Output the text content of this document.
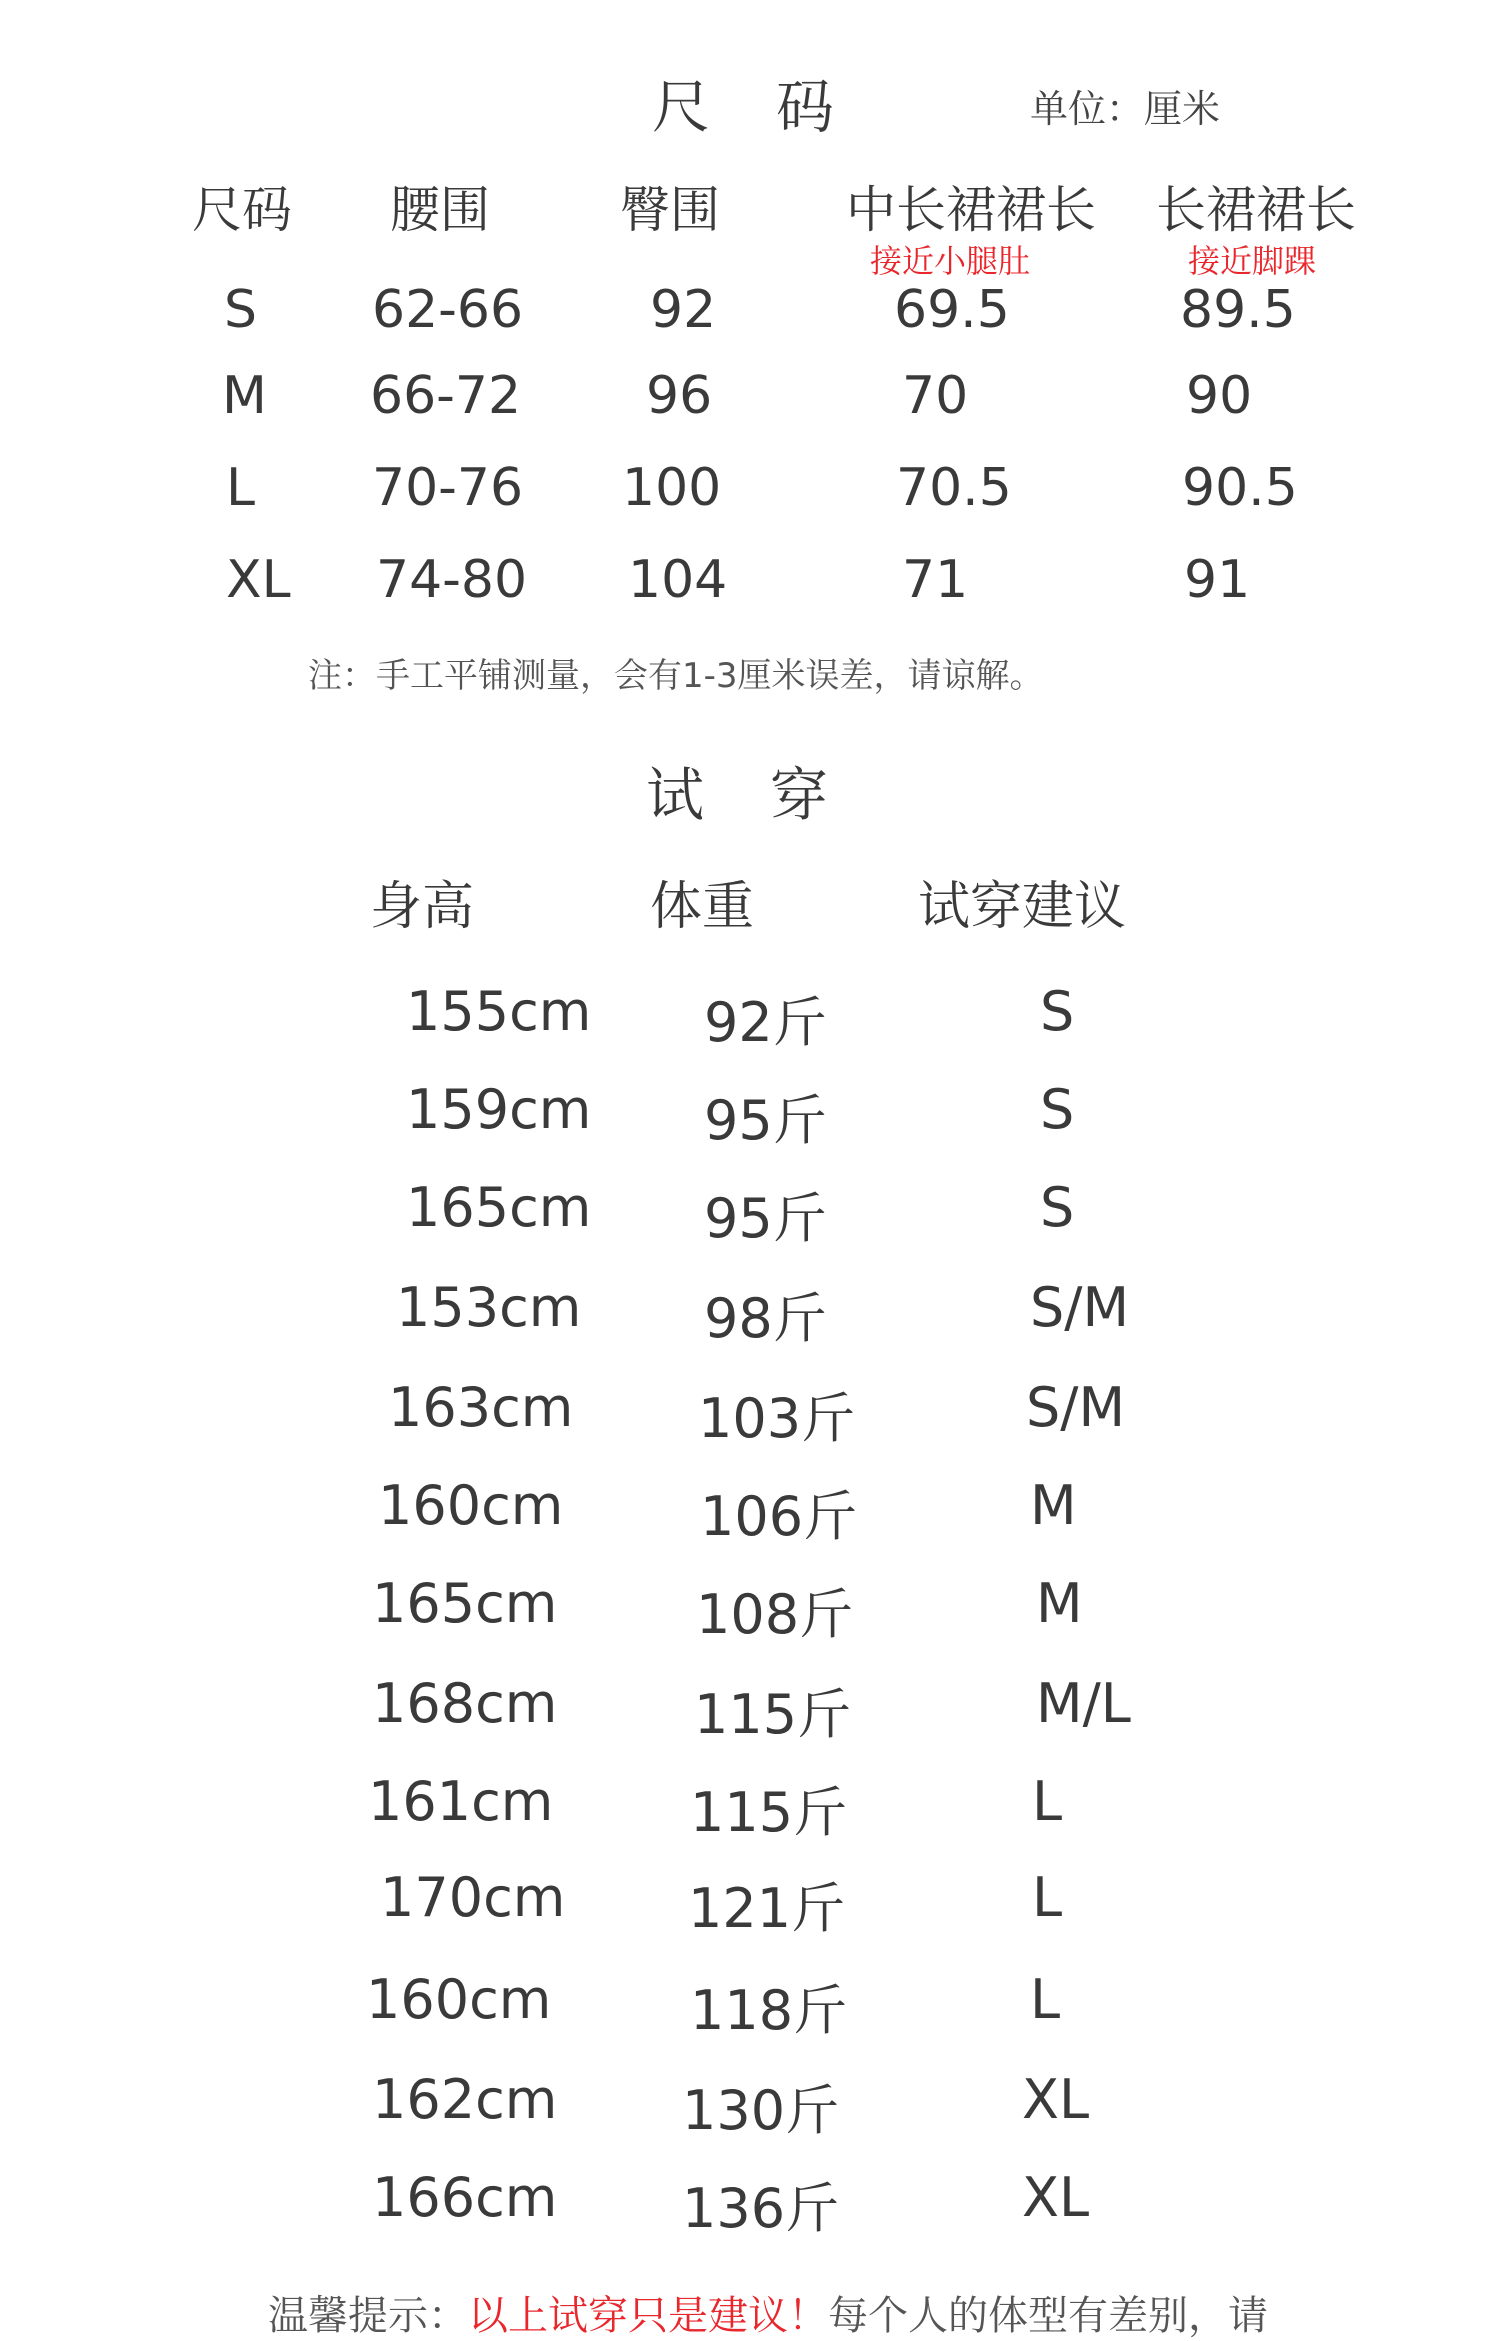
尺 码	单位：厘米
尺码 腰围	臀围	中长裙裙长 长裙裙长
接近小腿肚	接近脚踝
S 62-66 92	69.5	89.5
M 66-72 96	70	90
L 70-76 100	70.5	90.5
XL 74-80 104	71	91
注：手工平铺测量，会有1-3厘米误差，请谅解。
试 穿
身高	体重	试穿建议
155cm 92斤	S
159cm 95斤	S
165cm 95斤	S
153cm 98斤	S/M
163cm 103斤	S/M
160cm	106斤	M
165cm	108斤	M
168cm	115斤	M/L
161cm	115斤	L
170cm 121斤	L
160cm	118斤	L
162cm 130斤	XL
166cm 136斤	XL
温馨提示：以上试穿只是建议！每个人的体型有差别，请
